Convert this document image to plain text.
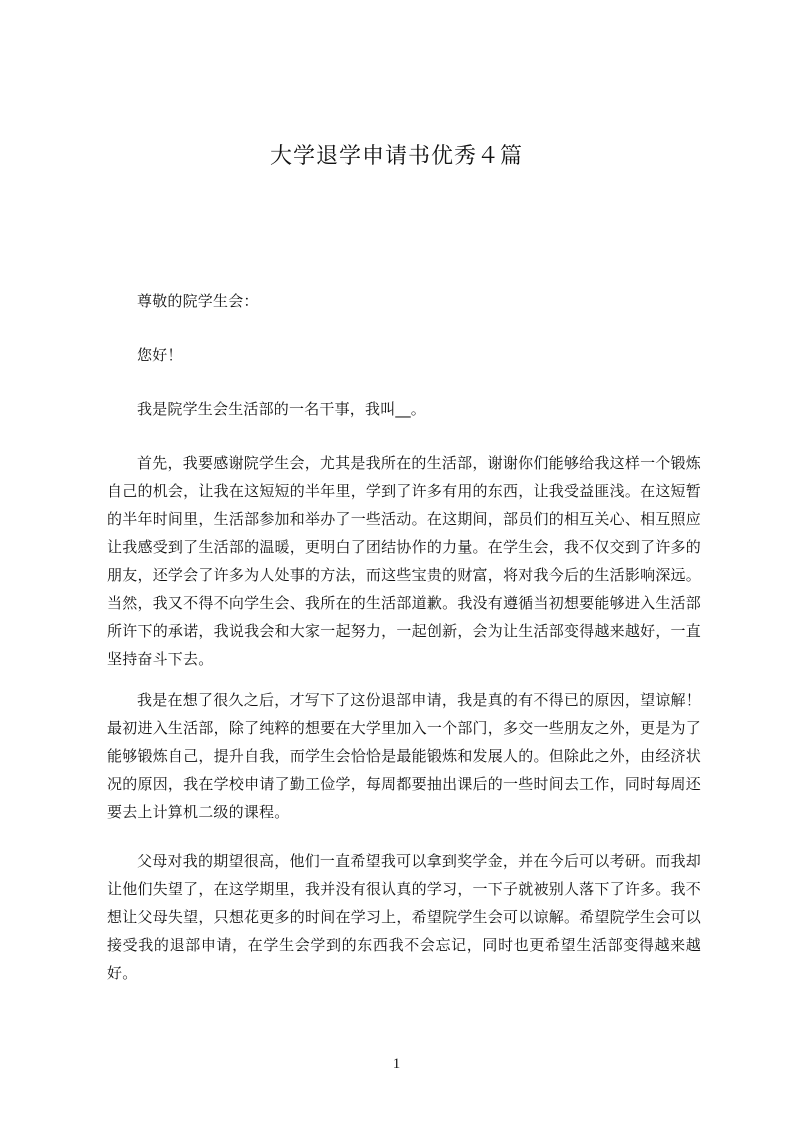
大学退学申请书优秀４篇

尊敬的院学生会：

您好！

我是院学生会生活部的一名干事，我叫__。

首先，我要感谢院学生会，尤其是我所在的生活部，谢谢你们能够给我这样一个锻炼自己的机会，让我在这短短的半年里，学到了许多有用的东西，让我受益匪浅。在这短暂的半年时间里，生活部参加和举办了一些活动。在这期间，部员们的相互关心、相互照应让我感受到了生活部的温暖，更明白了团结协作的力量。在学生会，我不仅交到了许多的朋友，还学会了许多为人处事的方法，而这些宝贵的财富，将对我今后的生活影响深远。当然，我又不得不向学生会、我所在的生活部道歉。我没有遵循当初想要能够进入生活部所许下的承诺，我说我会和大家一起努力，一起创新，会为让生活部变得越来越好，一直坚持奋斗下去。

我是在想了很久之后，才写下了这份退部申请，我是真的有不得已的原因，望谅解！最初进入生活部，除了纯粹的想要在大学里加入一个部门，多交一些朋友之外，更是为了能够锻炼自己，提升自我，而学生会恰恰是最能锻炼和发展人的。但除此之外，由经济状况的原因，我在学校申请了勤工俭学，每周都要抽出课后的一些时间去工作，同时每周还要去上计算机二级的课程。

父母对我的期望很高，他们一直希望我可以拿到奖学金，并在今后可以考研。而我却让他们失望了，在这学期里，我并没有很认真的学习，一下子就被别人落下了许多。我不想让父母失望，只想花更多的时间在学习上，希望院学生会可以谅解。希望院学生会可以接受我的退部申请，在学生会学到的东西我不会忘记，同时也更希望生活部变得越来越好。

1
